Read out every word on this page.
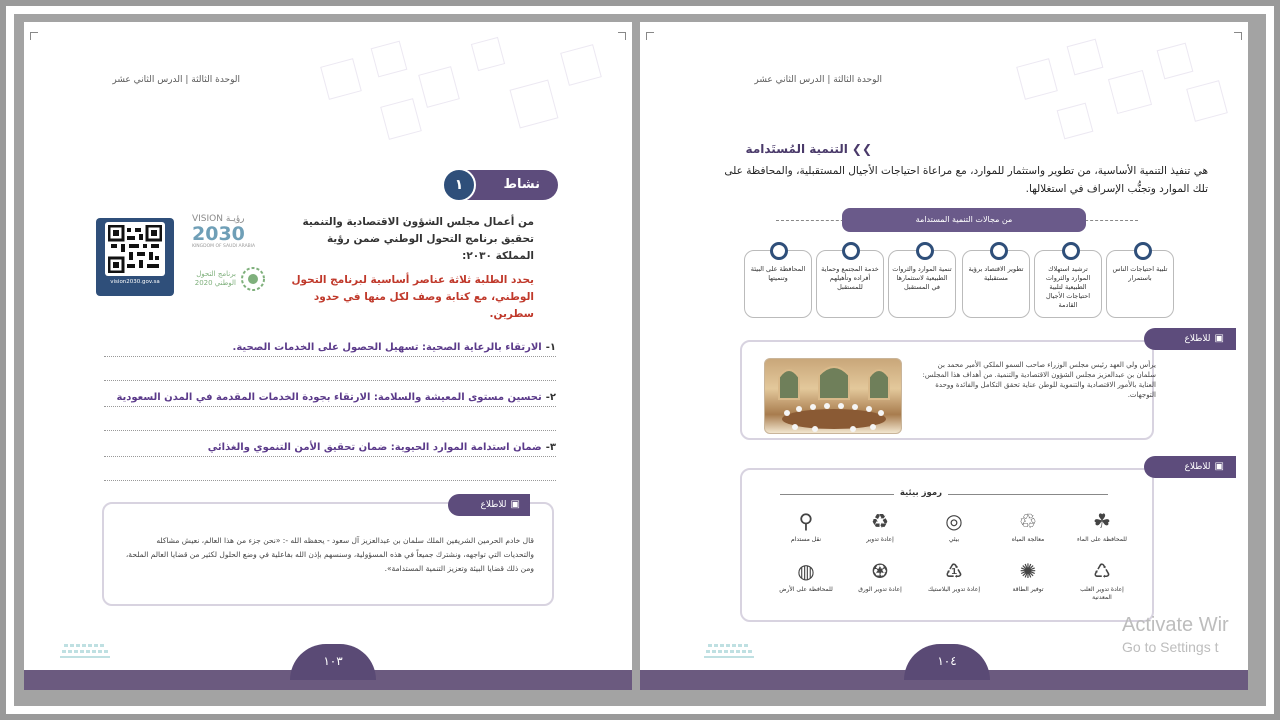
الوحدة الثالثة | الدرس الثاني عشر
نشاط
١
من أعمال مجلس الشؤون الاقتصادية والتنمية تحقيق برنامج التحول الوطني ضمن رؤية المملكة ٢٠٣٠:
يحدد الطلبة ثلاثة عناصر أساسية لبرنامج التحول الوطني، مع كتابة وصف لكل منها في حدود سطرين.
VISION رؤيـة
2030
KINGDOM OF SAUDI ARABIA
برنامج التحول الوطني 2020
vision2030.gov.sa
١-الارتقاء بالرعاية الصحية: تسهيل الحصول على الخدمات الصحية.
٢-تحسين مستوى المعيشة والسلامة: الارتقاء بجودة الخدمات المقدمة في المدن السعودية
٣-ضمان استدامة الموارد الحيوية: ضمان تحقيق الأمن التنموي والغذائي
▣للاطلاع
قال خادم الحرمين الشريفين الملك سلمان بن عبدالعزيز آل سعود - يحفظه الله -: «نحن جزء من هذا العالم، نعيش مشاكله والتحديات التي تواجهه، ونشترك جميعاً في هذه المسؤولية، وسنسهم بإذن الله بفاعلية في وضع الحلول لكثير من قضايا العالم الملحة، ومن ذلك قضايا البيئة وتعزيز التنمية المستدامة».
١٠٣
الوحدة الثالثة | الدرس الثاني عشر
❯❯التنمية المُستَدامة
هي تنفيذ التنمية الأساسية، من تطوير واستثمار للموارد، مع مراعاة احتياجات الأجيال المستقبلية، والمحافظة على تلك الموارد وتجنُّب الإسراف في استغلالها.
من مجالات التنمية المستدامة
تلبية احتياجات الناس باستمرار
ترشيد استهلاك الموارد والثروات الطبيعية لتلبية احتياجات الأجيال القادمة
تطوير الاقتصاد برؤية مستقبلية
تنمية الموارد والثروات الطبيعية لاستثمارها في المستقبل
خدمة المجتمع وحماية أفراده وتأهيلهم للمستقبل
المحافظة على البيئة وتنميتها
▣للاطلاع
يرأس ولي العهد رئيس مجلس الوزراء صاحب السمو الملكي الأمير محمد بن سلمان بن عبدالعزيز مجلس الشؤون الاقتصادية والتنمية. من أهداف هذا المجلس: العناية بالأمور الاقتصادية والتنموية للوطن عناية تحقق التكامل والفائدة ووحدة التوجهات.
▣للاطلاع
رموز بيئية
☘
للمحافظة على الماء
♲
معالجة المياه
◎
بيئي
♻
إعادة تدوير
⚲
نقل مستدام
♺
إعادة تدوير العلب المعدنية
✺
توفير الطاقة
♳
إعادة تدوير البلاستيك
♼
إعادة تدوير الورق
◍
للمحافظة على الأرض
١٠٤
Activate Wir
Go to Settings t
